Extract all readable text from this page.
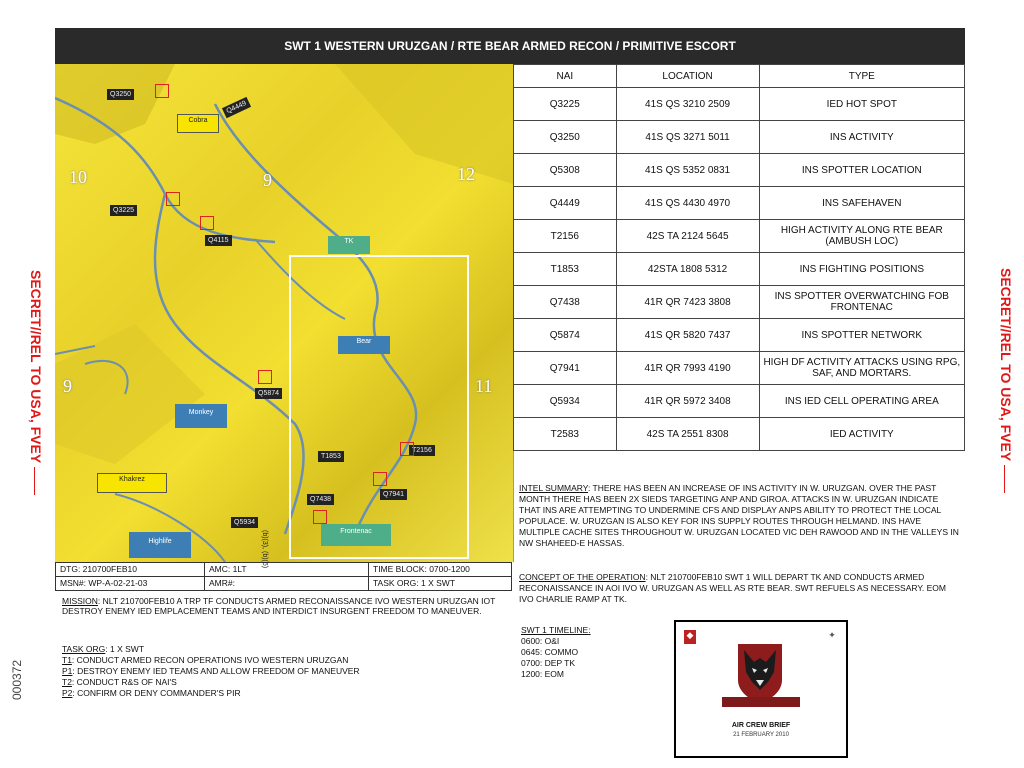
SWT 1 WESTERN URUZGAN / RTE BEAR ARMED RECON / PRIMITIVE ESCORT
10	9	12
9	11
Q3250
Q4449
Cobra
Q3225
Q4115	TK
Bear
Q5874
Monkey
T1853
T2156
Khakrez
Q7438
Q7941
Q5934
Frontenac
Highlife
NAI	LOCATION	TYPE
Q3225	41S QS 3210 2509	IED HOT SPOT
Q3250	41S QS 3271 5011	INS ACTIVITY
Q5308	41S QS 5352 0831	INS SPOTTER LOCATION
Q4449	41S QS 4430 4970	INS SAFEHAVEN
T2156	42S TA 2124 5645	HIGH ACTIVITY ALONG RTE BEAR (AMBUSH LOC)
T1853	42STA 1808 5312	INS FIGHTING POSITIONS
Q7438	41R QR 7423 3808	INS SPOTTER OVERWATCHING FOB FRONTENAC
Q5874	41S QR 5820 7437	INS SPOTTER NETWORK
Q7941	41R QR 7993 4190	HIGH DF ACTIVITY ATTACKS USING RPG, SAF, AND MORTARS.
Q5934	41R QR 5972 3408	INS IED CELL OPERATING AREA
T2583	42S TA 2551 8308	IED ACTIVITY
INTEL SUMMARY: THERE HAS BEEN AN INCREASE OF INS ACTIVITY IN W. URUZGAN. OVER THE PAST MONTH THERE HAS BEEN 2X SIEDS TARGETING ANP AND GIROA. ATTACKS IN W. URUZGAN INDICATE THAT INS ARE ATTEMPTING TO UNDERMINE CFS AND DISPLAY ANPS ABILITY TO PROTECT THE LOCAL POPULACE. W. URUZGAN IS ALSO KEY FOR INS SUPPLY ROUTES THROUGH HELMAND. INS HAVE MULTIPLE CACHE SITES THROUGHOUT W. URUZGAN LOCATED VIC DEH RAWOOD AND IN THE VALLEYS IN NW SHAHEED-E HASSAS.
CONCEPT OF THE OPERATION: NLT 210700FEB10 SWT 1 WILL DEPART TK AND CONDUCTS ARMED RECONAISSANCE IN AOI IVO W. URUZGAN AS WELL AS RTE BEAR. SWT REFUELS AS NECESSARY. EOM IVO CHARLIE RAMP AT TK.
SWT 1 TIMELINE:
0600: O&I
0645: COMMO
0700: DEP TK
1200: EOM
DTG: 210700FEB10	AMC: 1LT	TIME BLOCK: 0700-1200
MSN#: WP-A-02-21-03	AMR#:	TASK ORG: 1 X SWT
MISSION: NLT 210700FEB10 A TRP TF CONDUCTS ARMED RECONAISSANCE IVO WESTERN URUZGAN IOT DESTROY ENEMY IED EMPLACEMENT TEAMS AND INTERDICT INSURGENT FREEDOM TO MANEUVER.
TASK ORG: 1 X SWT
T1: CONDUCT ARMED RECON OPERATIONS IVO WESTERN URUZGAN
P1: DESTROY ENEMY IED TEAMS AND ALLOW FREEDOM OF MANEUVER
T2: CONDUCT R&S OF NAI'S
P2: CONFIRM OR DENY COMMANDER'S PIR
◆	✦
AIR CREW BRIEF
21 FEBRUARY 2010
SECRET//REL TO USA, FVEY	SECRET//REL TO USA, FVEY
000372
(b)(3), (b)(6)
